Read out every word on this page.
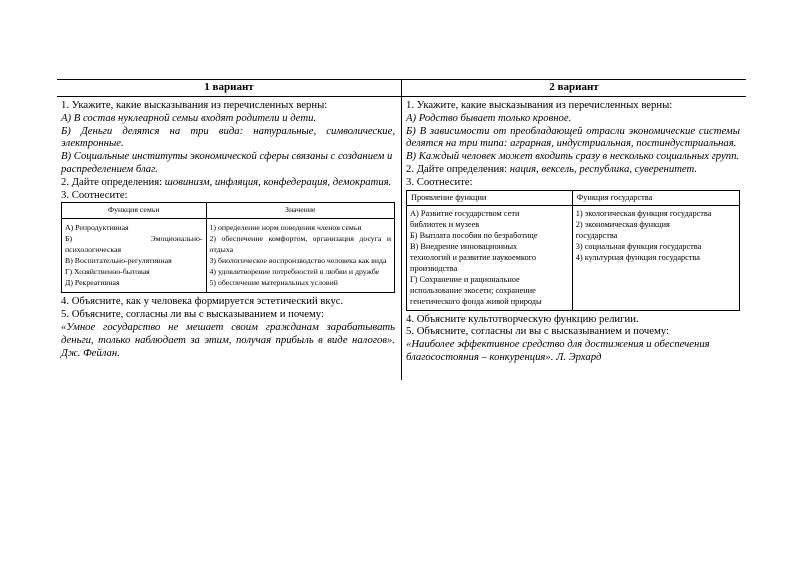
1 вариант	2 вариант

1. Укажите, какие высказывания из перечисленных верны:

А) В состав нуклеарной семьи входят родители и дети.

Б) Деньги делятся на три вида: натуральные, символические, электронные.

В) Социальные институты экономической сферы связаны с созданием и распределением благ.

2. Дайте определения: шовинизм, инфляция, конфедерация, демократия.

3. Соотнесите:

Функция семьи	Значение

А) Репродуктивная
Б) Эмоционально-
психологическая
В) Воспитательно-регулятивная
Г) Хозяйственно-бытовая
Д) Рекреативная

1) определение норм поведения членов семьи
2) обеспечение комфортом, организация досуга и
отдыха
3) биологическое воспроизводство человека как вида
4) удовлетворение потребностей в любви и дружбе
5) обеспечение материальных условий

4. Объясните, как у человека формируется эстетический вкус.

5. Объясните, согласны ли вы с высказыванием и почему:

«Умное государство не мешает своим гражданам зарабатывать деньги, только наблюдает за этим, получая прибыль в виде налогов». Дж. Фейлан.

1. Укажите, какие высказывания из перечисленных верны:

А) Родство бывает только кровное.

Б) В зависимости от преобладающей отрасли экономические системы делятся на три типа: аграрная, индустриальная, постиндустриальная.

В) Каждый человек может входить сразу в несколько социальных групп.

2. Дайте определения: нация, вексель, республика, суверенитет.

3. Соотнесите:

Проявление функции	Функция государства

А) Развитие государством сети
библиотек и музеев
Б) Выплата пособия по безработице
В) Внедрение инновационных
технологий и развитие наукоемкого
производства
Г) Сохранение и рациональное
использование экосети; сохранение
генетического фонда живой природы

1) экологическая функция государства
2) экономическая функция
государства
3) социальная функция государства
4) культурная функция государства

4. Объясните культотворческую функцию религии.

5. Объясните, согласны ли вы с высказыванием и почему:

«Наиболее эффективное средство для достижения и обеспечения благосостояния – конкуренция». Л. Эрхард
